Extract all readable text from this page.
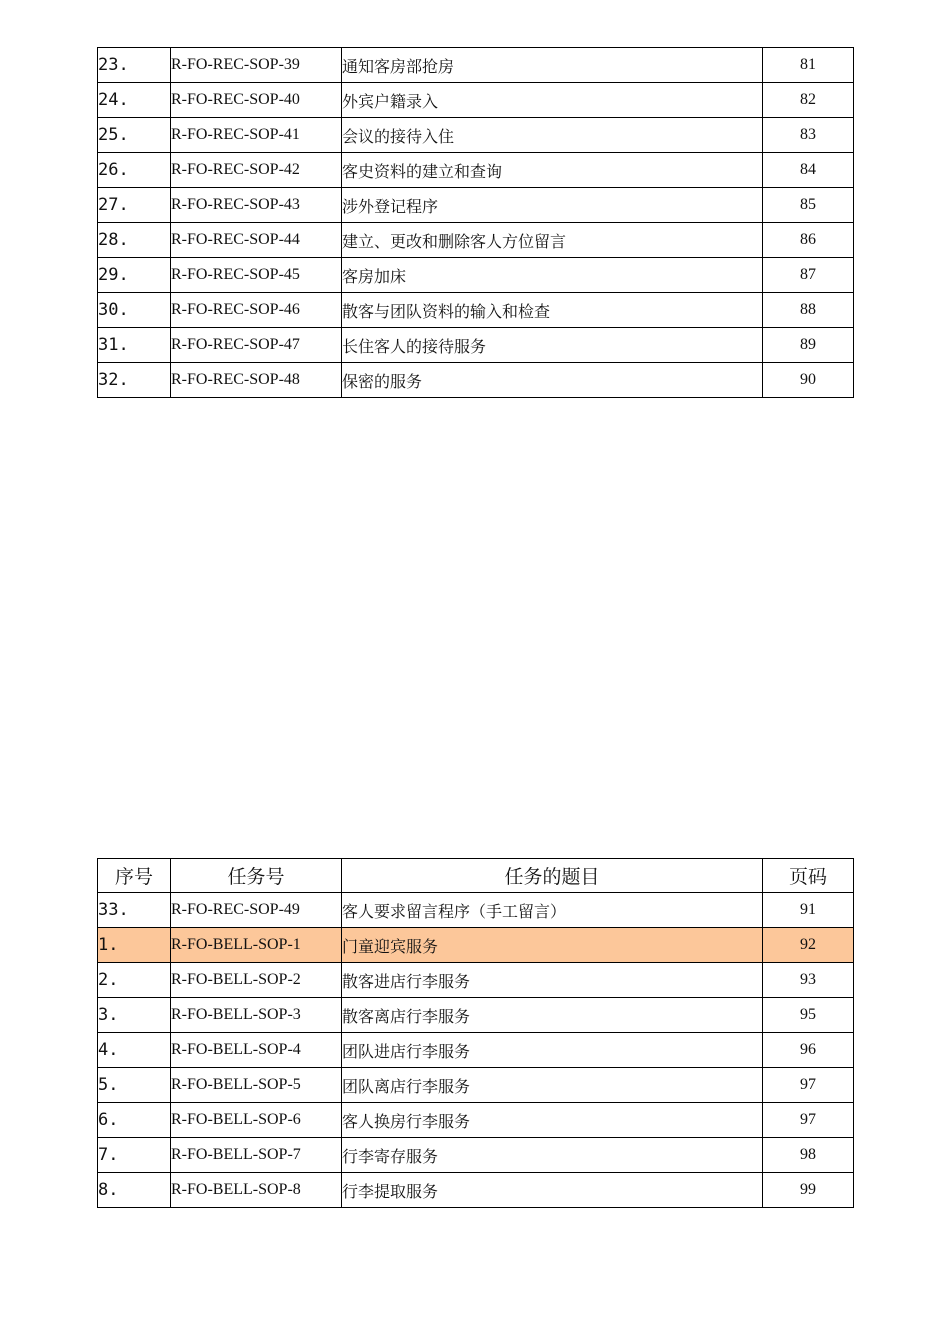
23.	R-FO-REC-SOP-39	通知客房部抢房	81
24.	R-FO-REC-SOP-40	外宾户籍录入	82
25.	R-FO-REC-SOP-41	会议的接待入住	83
26.	R-FO-REC-SOP-42	客史资料的建立和查询	84
27.	R-FO-REC-SOP-43	涉外登记程序	85
28.	R-FO-REC-SOP-44	建立、更改和删除客人方位留言	86
29.	R-FO-REC-SOP-45	客房加床	87
30.	R-FO-REC-SOP-46	散客与团队资料的输入和检查	88
31.	R-FO-REC-SOP-47	长住客人的接待服务	89
32.	R-FO-REC-SOP-48	保密的服务	90
序号	任务号	任务的题目	页码
33.	R-FO-REC-SOP-49	客人要求留言程序（手工留言）	91
1.	R-FO-BELL-SOP-1	门童迎宾服务	92
2.	R-FO-BELL-SOP-2	散客进店行李服务	93
3.	R-FO-BELL-SOP-3	散客离店行李服务	95
4.	R-FO-BELL-SOP-4	团队进店行李服务	96
5.	R-FO-BELL-SOP-5	团队离店行李服务	97
6.	R-FO-BELL-SOP-6	客人换房行李服务	97
7.	R-FO-BELL-SOP-7	行李寄存服务	98
8.	R-FO-BELL-SOP-8	行李提取服务	99
